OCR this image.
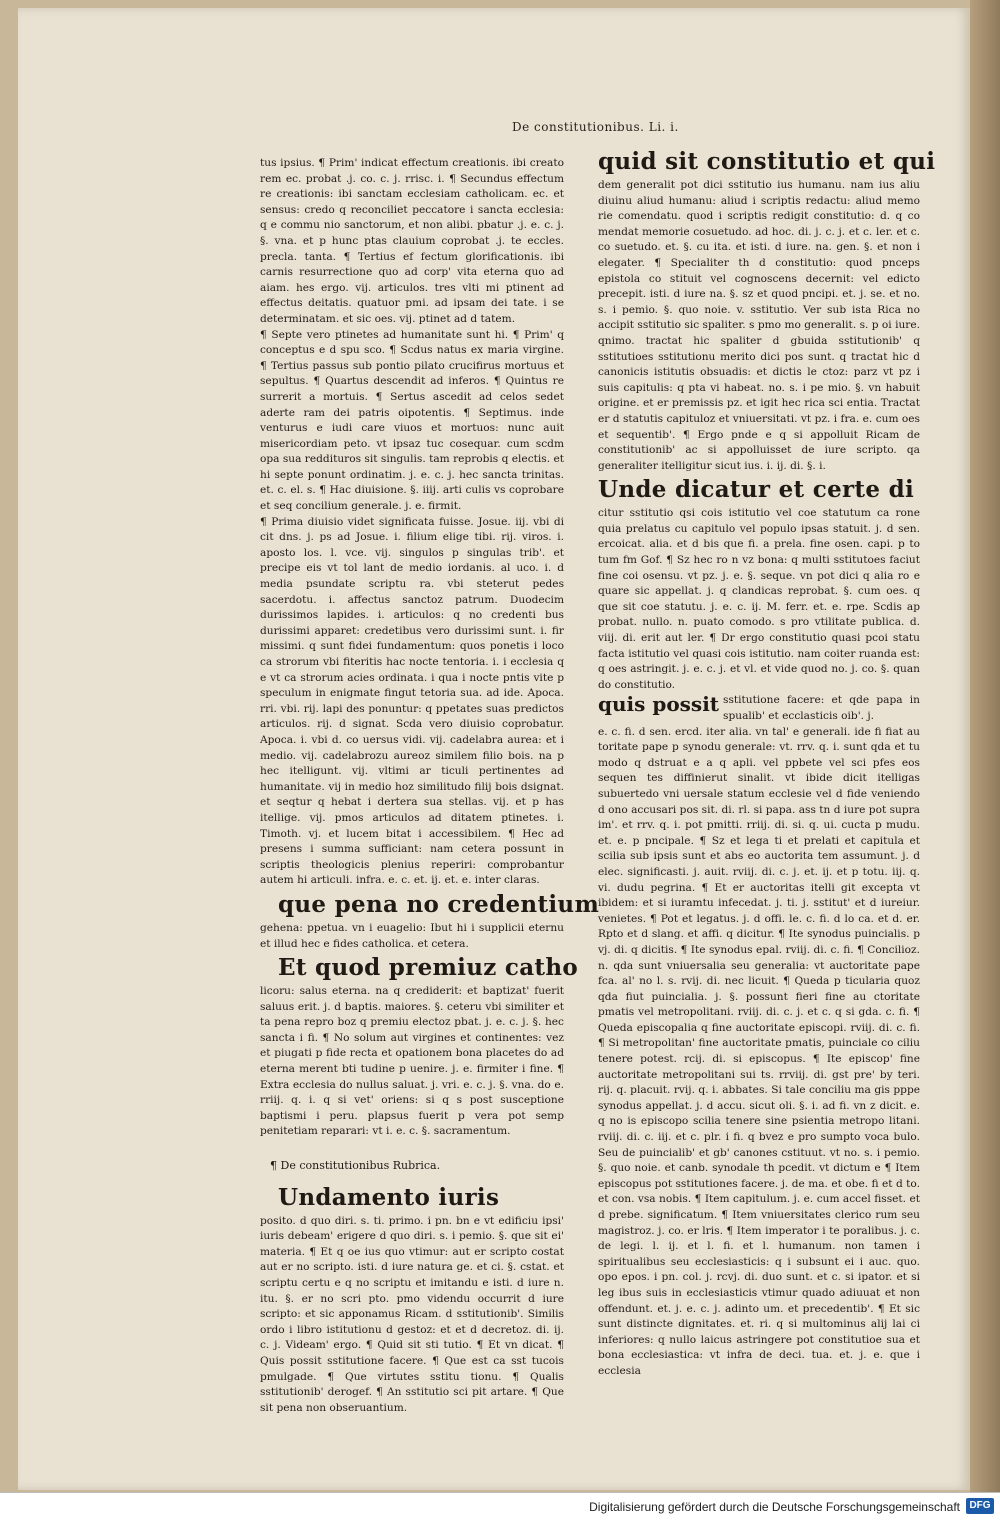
De constitutionibus. Li. i.

tus ipsius. ¶ Prim' indicat effectum creationis. ibi creato rem ec. probat .j. co. c. j. rrisc. i. ¶ Secundus effectum re creationis: ibi sanctam ecclesiam catholicam. ec. et sensus: credo q reconciliet peccatore i sancta ecclesia: q e commu nio sanctorum, et non alibi. pbatur .j. e. c. j. §. vna. et p hunc ptas clauium coprobat .j. te eccles. precla. tanta. ¶ Tertius ef fectum glorificationis. ibi carnis resurrectione quo ad corp' vita eterna quo ad aiam. hes ergo. vij. articulos. tres vlti mi ptinent ad effectus deitatis. quatuor pmi. ad ipsam dei tate. i se determinatam. et sic oes. vij. ptinet ad d tatem.

¶ Septe vero ptinetes ad humanitate sunt hi. ¶ Prim' q conceptus e d spu sco. ¶ Scdus natus ex maria virgine. ¶ Tertius passus sub pontio pilato crucifirus mortuus et sepultus. ¶ Quartus descendit ad inferos. ¶ Quintus re surrerit a mortuis. ¶ Sertus ascedit ad celos sedet aderte ram dei patris oipotentis. ¶ Septimus. inde venturus e iudi care viuos et mortuos: nunc auit misericordiam peto. vt ipsaz tuc cosequar. cum scdm opa sua reddituros sit singulis. tam reprobis q electis. et hi septe ponunt ordinatim. j. e. c. j. hec sancta trinitas. et. c. el. s. ¶ Hac diuisione. §. iiij. arti culis vs coprobare et seq concilium generale. j. e. firmit.

¶ Prima diuisio videt significata fuisse. Josue. iij. vbi di cit dns. j. ps ad Josue. i. filium elige tibi. rij. viros. i. aposto los. l. vce. vij. singulos p singulas trib'. et precipe eis vt tol lant de medio iordanis. al uco. i. d media psundate scriptu ra. vbi steterut pedes sacerdotu. i. affectus sanctoz patrum. Duodecim durissimos lapides. i. articulos: q no credenti bus durissimi apparet: credetibus vero durissimi sunt. i. fir missimi. q sunt fidei fundamentum: quos ponetis i loco ca strorum vbi fiteritis hac nocte tentoria. i. i ecclesia q e vt ca strorum acies ordinata. i qua i nocte pntis vite p speculum in enigmate fingut tetoria sua. ad ide. Apoca. rri. vbi. rij. lapi des ponuntur: q ppetates suas predictos articulos. rij. d signat. Scda vero diuisio coprobatur. Apoca. i. vbi d. co uersus vidi. vij. cadelabra aurea: et i medio. vij. cadelabrozu aureoz similem filio bois. na p hec itelligunt. vij. vltimi ar ticuli pertinentes ad humanitate. vij in medio hoz similitudo filij bois dsignat. et seqtur q hebat i dertera sua stellas. vij. et p has itellige. vij. pmos articulos ad ditatem ptinetes. i. Timoth. vj. et lucem bitat i accessibilem. ¶ Hec ad presens i summa sufficiant: nam cetera possunt in scriptis theologicis plenius reperiri: comprobantur autem hi articuli. infra. e. c. et. ij. et. e. inter claras.

que pena no credentium

gehena: ppetua. vn i euagelio: Ibut hi i supplicii eternu et illud hec e fides catholica. et cetera.

Et quod premiuz catho

licoru: salus eterna. na q crediderit: et baptizat' fuerit saluus erit. j. d baptis. maiores. §. ceteru vbi similiter et ta pena repro boz q premiu electoz pbat. j. e. c. j. §. hec sancta i fi. ¶ No solum aut virgines et continentes: vez et piugati p fide recta et opationem bona placetes do ad eterna merent bti tudine p uenire. j. e. firmiter i fine. ¶ Extra ecclesia do nullus saluat. j. vri. e. c. j. §. vna. do e. rriij. q. i. q si vet' oriens: si q s post susceptione baptismi i peru. plapsus fuerit p vera pot semp penitetiam reparari: vt i. e. c. §. sacramentum.

¶ De constitutionibus Rubrica.
Undamento iuris

posito. d quo diri. s. ti. primo. i pn. bn e vt edificiu ipsi' iuris debeam' erigere d quo diri. s. i pemio. §. que sit ei' materia. ¶ Et q oe ius quo vtimur: aut er scripto costat aut er no scripto. isti. d iure natura ge. et ci. §. cstat. et scriptu certu e q no scriptu et imitandu e isti. d iure n. itu. §. er no scri pto. pmo videndu occurrit d iure scripto: et sic apponamus Ricam. d sstitutionib'. Similis ordo i libro istitutionu d gestoz: et et d decretoz. di. ij. c. j. Videam' ergo. ¶ Quid sit sti tutio. ¶ Et vn dicat. ¶ Quis possit sstitutione facere. ¶ Que est ca sst tucois pmulgade. ¶ Que virtutes sstitu tionu. ¶ Qualis sstitutionib' derogef. ¶ An sstitutio sci pit artare. ¶ Que sit pena non obseruantium.

quid sit constitutio et qui

dem generalit pot dici sstitutio ius humanu. nam ius aliu diuinu aliud humanu: aliud i scriptis redactu: aliud memo rie comendatu. quod i scriptis redigit constitutio: d. q co mendat memorie cosuetudo. ad hoc. di. j. c. j. et c. ler. et c. co suetudo. et. §. cu ita. et isti. d iure. na. gen. §. et non i elegater. ¶ Specialiter th d constitutio: quod pnceps epistola co stituit vel cognoscens decernit: vel edicto precepit. isti. d iure na. §. sz et quod pncipi. et. j. se. et no. s. i pemio. §. quo noie. v. sstitutio. Ver sub ista Rica no accipit sstitutio sic spaliter. s pmo mo generalit. s. p oi iure. qnimo. tractat hic spaliter d gbuida sstitutionib' q sstitutioes sstitutionu merito dici pos sunt. q tractat hic d canonicis istitutis obsuadis: et dictis le ctoz: parz vt pz i suis capitulis: q pta vi habeat. no. s. i pe mio. §. vn habuit origine. et er premissis pz. et igit hec rica sci entia. Tractat er d statutis capituloz et vniuersitati. vt pz. i fra. e. cum oes et sequentib'. ¶ Ergo pnde e q si appolluit Ricam de constitutionib' ac si appolluisset de iure scripto. qa generaliter itelligitur sicut ius. i. ij. di. §. i.

Unde dicatur et certe di

citur sstitutio qsi cois istitutio vel coe statutum ca rone quia prelatus cu capitulo vel populo ipsas statuit. j. d sen. ercoicat. alia. et d bis que fi. a prela. fine osen. capi. p to tum fm Gof. ¶ Sz hec ro n vz bona: q multi sstitutoes faciut fine coi osensu. vt pz. j. e. §. seque. vn pot dici q alia ro e quare sic appellat. j. q clandicas reprobat. §. cum oes. q que sit coe statutu. j. e. c. ij. M. ferr. et. e. rpe. Scdis ap probat. nullo. n. puato comodo. s pro vtilitate publica. d. viij. di. erit aut ler. ¶ Dr ergo constitutio quasi pcoi statu facta istitutio vel quasi cois istitutio. nam coiter ruanda est: q oes astringit. j. e. c. j. et vl. et vide quod no. j. co. §. quan do constitutio.

quis possit sstitutione facere: et qde papa in spualib' et ecclasticis oib'. j.

e. c. fi. d sen. ercd. iter alia. vn tal' e generali. ide fi fiat au toritate pape p synodu generale: vt. rrv. q. i. sunt qda et tu modo q dstruat e a q apli. vel ppbete vel sci pfes eos sequen tes diffinierut sinalit. vt ibide dicit itelligas subuertedo vni uersale statum ecclesie vel d fide veniendo d ono accusari pos sit. di. rl. si papa. ass tn d iure pot supra im'. et rrv. q. i. pot pmitti. rriij. di. si. q. ui. cucta p mudu. et. e. p pncipale. ¶ Sz et lega ti et prelati et capitula et scilia sub ipsis sunt et abs eo auctorita tem assumunt. j. d elec. significasti. j. auit. rviij. di. c. j. et. ij. et p totu. iij. q. vi. dudu pegrina. ¶ Et er auctoritas itelli git excepta vt ibidem: et si iuramtu infecedat. j. ti. j. sstitut' et d iureiur. venietes. ¶ Pot et legatus. j. d offi. le. c. fi. d lo ca. et d. er. Rpto et d slang. et affi. q dicitur. ¶ Ite synodus puincialis. p vj. di. q dicitis. ¶ Ite synodus epal. rviij. di. c. fi. ¶ Concilioz. n. qda sunt vniuersalia seu generalia: vt auctoritate pape fca. al' no l. s. rvij. di. nec licuit. ¶ Queda p ticularia quoz qda fiut puincialia. j. §. possunt fieri fine au ctoritate pmatis vel metropolitani. rviij. di. c. j. et c. q si gda. c. fi. ¶ Queda episcopalia q fine auctoritate episcopi. rviij. di. c. fi. ¶ Si metropolitan' fine auctoritate pmatis, puinciale co ciliu tenere potest. rcij. di. si episcopus. ¶ Ite episcop' fine auctoritate metropolitani sui ts. rrviij. di. gst pre' by teri. rij. q. placuit. rvij. q. i. abbates. Si tale conciliu ma gis pppe synodus appellat. j. d accu. sicut oli. §. i. ad fi. vn z dicit. e. q no is episcopo scilia tenere sine psientia metropo litani. rviij. di. c. iij. et c. plr. i fi. q bvez e pro sumpto voca bulo. Seu de puincialib' et gb' canones cstituut. vt no. s. i pemio. §. quo noie. et canb. synodale th pcedit. vt dictum e ¶ Item episcopus pot sstitutiones facere. j. de ma. et obe. fi et d to. et con. vsa nobis. ¶ Item capitulum. j. e. cum accel fisset. et d prebe. significatum. ¶ Item vniuersitates clerico rum seu magistroz. j. co. er lris. ¶ Item imperator i te poralibus. j. c. de legi. l. ij. et l. fi. et l. humanum. non tamen i spiritualibus seu ecclesiasticis: q i subsunt ei i auc. quo. opo epos. i pn. col. j. rcvj. di. duo sunt. et c. si ipator. et si leg ibus suis in ecclesiasticis vtimur quado adiuuat et non offendunt. et. j. e. c. j. adinto um. et precedentib'. ¶ Et sic sunt distincte dignitates. et. ri. q si multominus alij lai ci inferiores: q nullo laicus astringere pot constitutioe sua et bona ecclesiastica: vt infra de deci. tua. et. j. e. que i ecclesia

Digitalisierung gefördert durch die Deutsche Forschungsgemeinschaft DFG
